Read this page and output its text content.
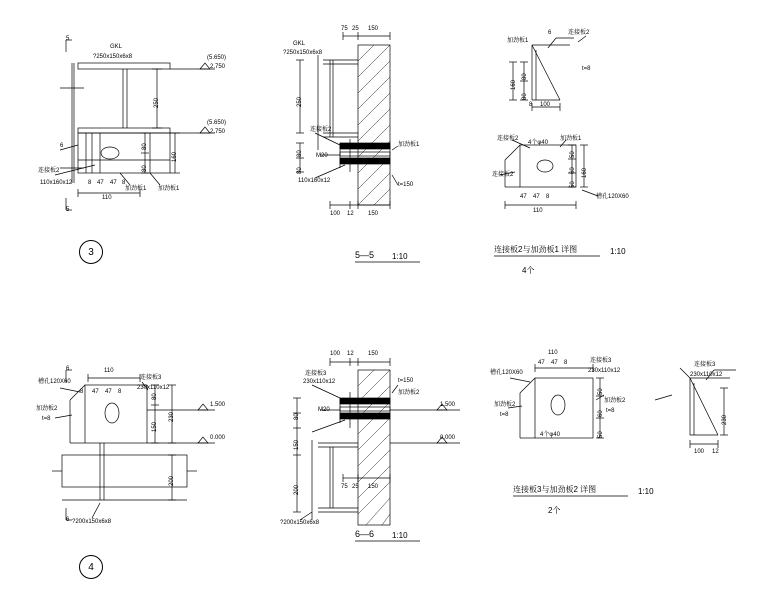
5
5
GKL
?250x150x6x8	(5.650)
2.750
(5.650)
2.750
250
160
80
80
110
110x160x12	8 47 47 8
6
连接板2
加劲板1 加劲板1
3
GKL
?250x150x6x8
75 25 150
250
80
80
M20
110x160x12
t=150
100 12 150
连接板2
加劲板1
5—5 1:10
加劲板1
连接板2
6
t=8
160
80
80
100
8
连接板2	加劲板1
连接板2
4个φ40
50
60
50
160
47 47 8
110
槽孔120X60
连接板2与加劲板1 详图	1:10
4个
6
6
110
8 47 47 8
槽孔120X60
连接板3
230x110x12
加劲板2
t=8
1.500
0.000
80
150
230
200
?200x150x6x8
4
100 12 150
230x110x12
M20
t=150
80
150
200	75 25 150
1.500
0.000
?200x150x6x8
连接板3
加劲板2
6—6 1:10
110
47 47 8	连接板3
230x110x12
槽孔120X60
加劲板2
t=8
加劲板2
t=8
50
60
50
4个φ40
连接板3
230x110x12
230
100 12
连接板3与加劲板2 详图	1:10
2个
